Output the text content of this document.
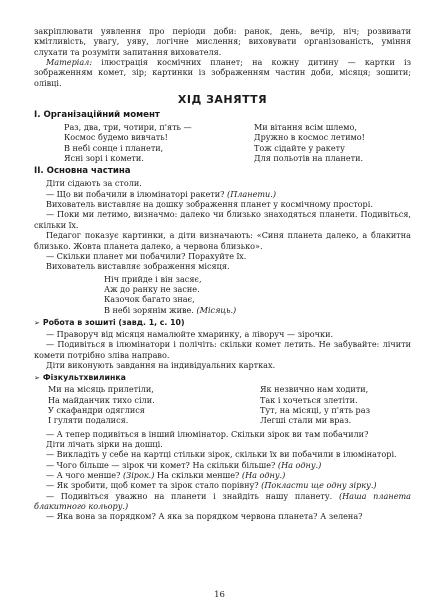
закріплювати уявлення про періоди доби: ранок, день, вечір, ніч; розвивати кмітливість, увагу, уяву, логічне мислення; виховувати організованість, уміння слухати та розуміти запитання вихователя.

Матеріал: ілюстрація космічних планет; на кожну дитину — картки із зображенням комет, зір; картинки із зображенням частин доби, місяця; зошити; олівці.

ХІД ЗАНЯТТЯ
I. Організаційний момент
Раз, два, три, чотири, п'ять —
Космос будемо вивчать!
В небі сонце і планети,
Ясні зорі і комети.
Ми вітання всім шлемо,
Дружно в космос летимо!
Тож сідайте у ракету
Для польотів на планети.
II. Основна частина

Діти сідають за столи.

— Що ви побачили в ілюмінаторі ракети? (Планети.)

Вихователь виставляє на дошку зображення планет у космічному просторі.

— Поки ми летимо, визначмо: далеко чи близько знаходяться планети. Подивіться, скільки їх.

Педагог показує картинки, а діти визначають: «Синя планета далеко, а блакитна близько. Жовта планета далеко, а червона близько».

— Скільки планет ми побачили? Порахуйте їх.

Вихователь виставляє зображення місяця.

Ніч прийде і він засяє,
Аж до ранку не засне.
Казочок багато знає,
В небі зорянім живе. (Місяць.)
➢ Робота в зошиті (завд. 1, с. 10)

— Праворуч від місяця намалюйте хмаринку, а ліворуч — зірочки.

— Подивіться в ілюмінатори і полічіть: скільки комет летить. Не забувайте: лічити комети потрібно зліва направо.

Діти виконують завдання на індивідуальних картках.

➢ Фізкультхвилинка
Ми на місяць прилетіли,
На майданчик тихо сіли.
У скафандри одяглися
І гуляти подалися.
Як незвично нам ходити,
Так і хочеться злетіти.
Тут, на місяці, у п'ять раз
Легші стали ми враз.

— А тепер подивіться в інший ілюмінатор. Скільки зірок ви там побачили?

Діти лічать зірки на дошці.

— Викладіть у себе на картці стільки зірок, скільки їх ви побачили в ілюмінаторі.

— Чого більше — зірок чи комет? На скільки більше? (На одну.)

— А чого менше? (Зірок.) На скільки менше? (На одну.)

— Як зробити, щоб комет та зірок стало порівну? (Покласти ще одну зірку.)

— Подивіться уважно на планети і знайдіть нашу планету. (Наша планета блакитного кольору.)

— Яка вона за порядком? А яка за порядком червона планета? А зелена?

16
